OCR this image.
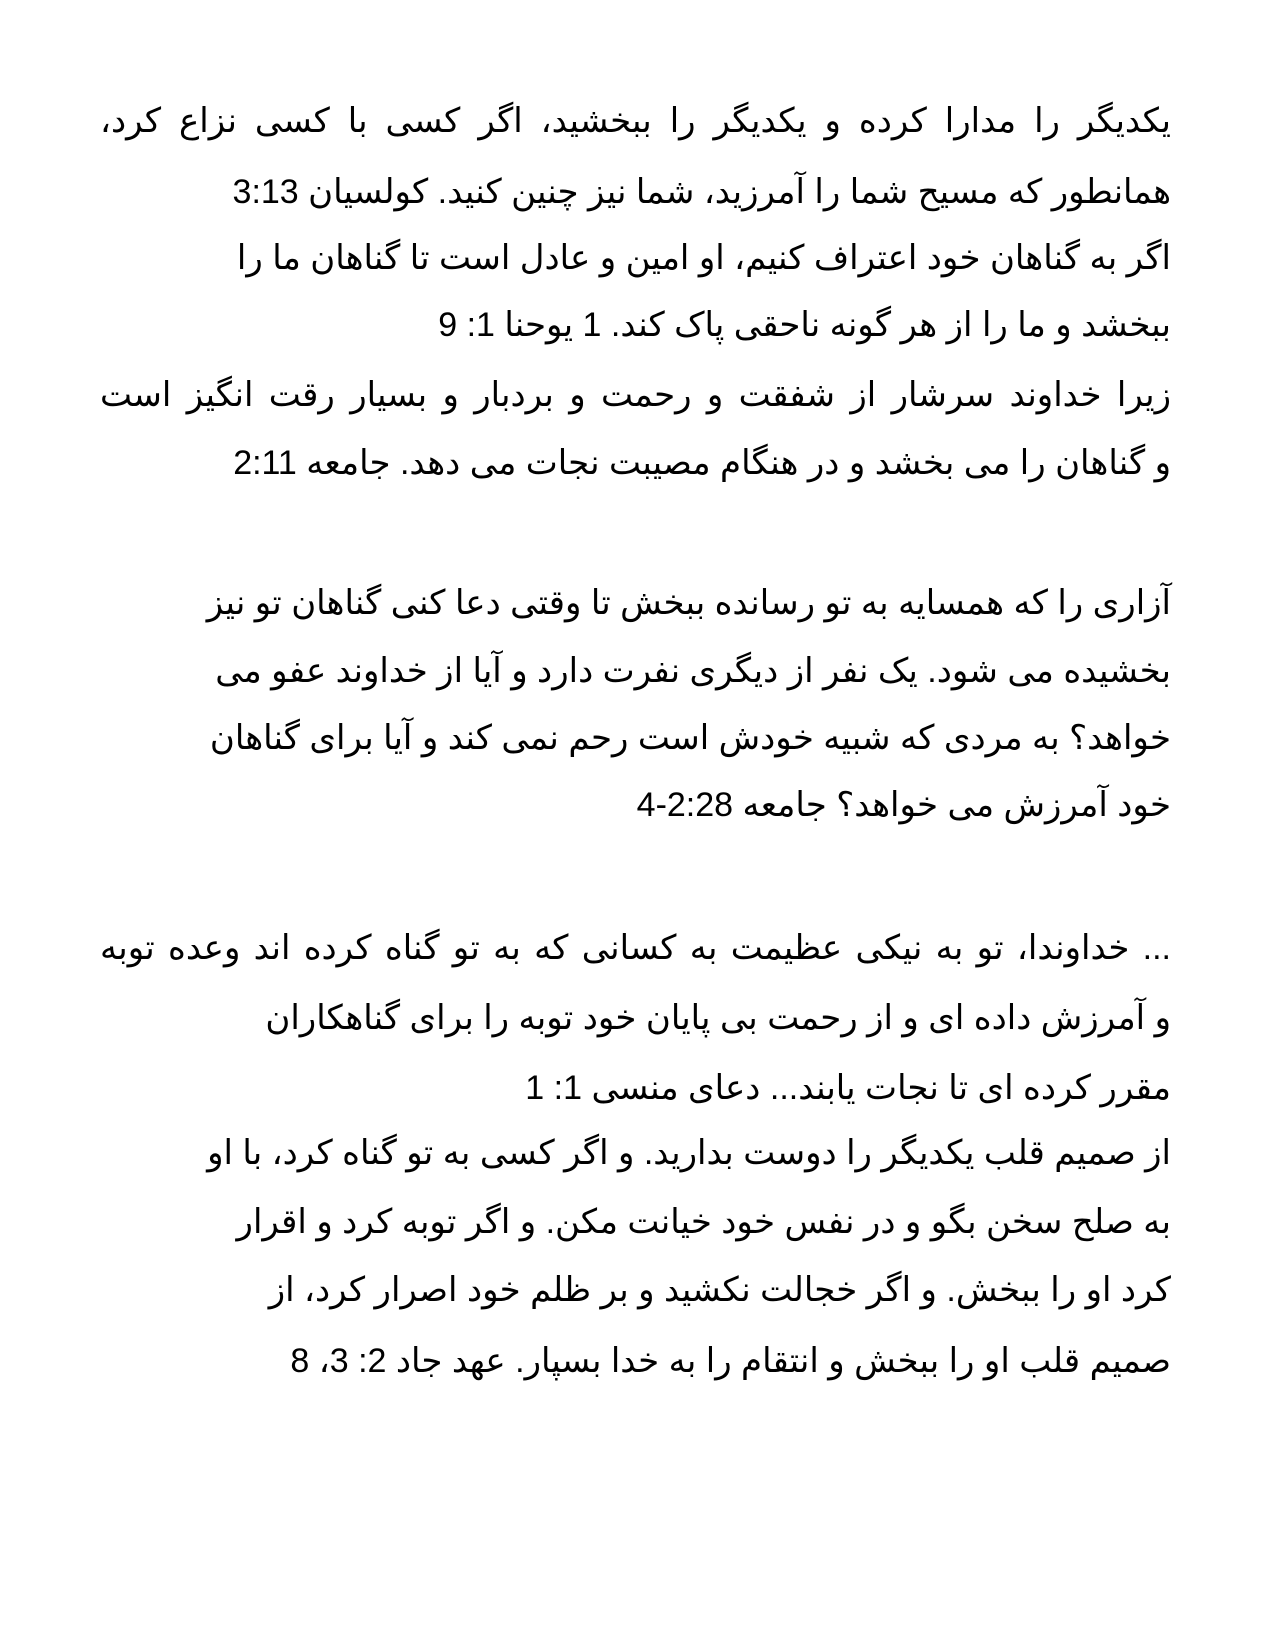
یکدیگر را مدارا کرده و یکدیگر را ببخشید، اگر کسی با کسی نزاع کرد،
همانطور که مسیح شما را آمرزید، شما نیز چنین کنید. کولسیان 3:13
اگر به گناهان خود اعتراف کنیم، او امین و عادل است تا گناهان ما را
ببخشد و ما را از هر گونه ناحقی پاک کند. 1 یوحنا 1: 9
زیرا خداوند سرشار از شفقت و رحمت و بردبار و بسیار رقت انگیز است
و گناهان را می بخشد و در هنگام مصیبت نجات می دهد. جامعه 2:11
آزاری را که همسایه به تو رسانده ببخش تا وقتی دعا کنی گناهان تو نیز
بخشیده می شود. یک نفر از دیگری نفرت دارد و آیا از خداوند عفو می
خواهد؟ به مردی که شبیه خودش است رحم نمی کند و آیا برای گناهان
خود آمرزش می خواهد؟ جامعه 2:28-4
... خداوندا، تو به نیکی عظیمت به کسانی که به تو گناه کرده اند وعده توبه
و آمرزش داده ای و از رحمت بی پایان خود توبه را برای گناهکاران
مقرر کرده ای تا نجات یابند... دعای منسی 1: 1
از صمیم قلب یکدیگر را دوست بدارید. و اگر کسی به تو گناه کرد، با او
به صلح سخن بگو و در نفس خود خیانت مکن. و اگر توبه کرد و اقرار
کرد او را ببخش. و اگر خجالت نکشید و بر ظلم خود اصرار کرد، از
صمیم قلب او را ببخش و انتقام را به خدا بسپار. عهد جاد 2: 3، 8
